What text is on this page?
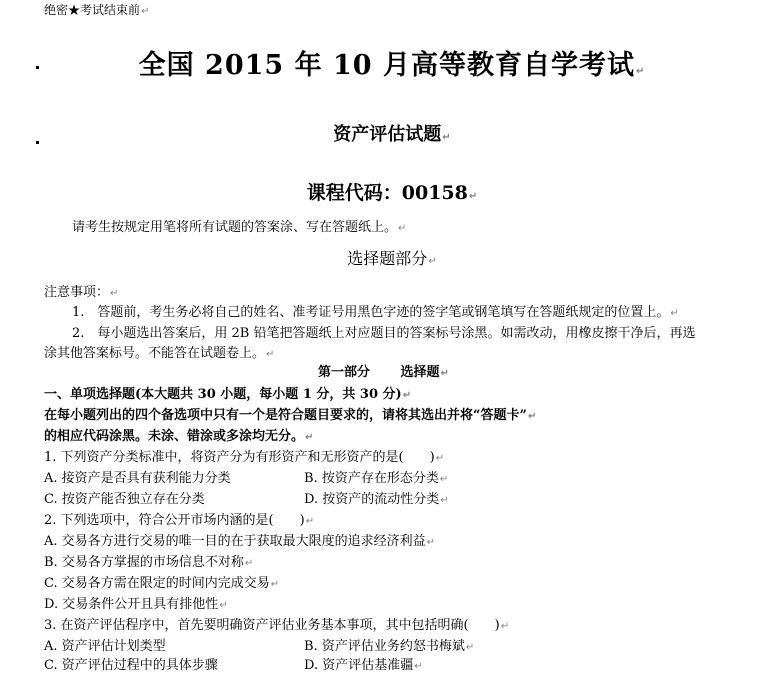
绝密★考试结束前↵
全国 2015 年 10 月高等教育自学考试↵
资产评估试题↵
课程代码：00158↵
请考生按规定用笔将所有试题的答案涂、写在答题纸上。↵
选择题部分↵
注意事项：↵
1.　答题前，考生务必将自己的姓名、准考证号用黑色字迹的签字笔或钢笔填写在答题纸规定的位置上。↵
2.　每小题选出答案后，用 2B 铅笔把答题纸上对应题目的答案标号涂黑。如需改动，用橡皮擦干净后，再选
涂其他答案标号。不能答在试题卷上。↵
第一部分 选择题↵
一、单项选择题(本大题共 30 小题，每小题 1 分，共 30 分)↵
在每小题列出的四个备选项中只有一个是符合题目要求的，请将其选出并将“答题卡”↵
的相应代码涂黑。未涂、错涂或多涂均无分。↵
1. 下列资产分类标准中，将资产分为有形资产和无形资产的是(　　)↵
A. 接资产是否具有获利能力分类	B. 按资产存在形态分类↵
C. 按资产能否独立存在分类	D. 按资产的流动性分类↵
2. 下列选项中，符合公开市场内涵的是(　　)↵
A. 交易各方进行交易的唯一目的在于获取最大限度的追求经济利益↵
B. 交易各方掌握的市场信息不对称↵
C. 交易各方需在限定的时间内完成交易↵
D. 交易条件公开且具有排他性↵
3. 在资产评估程序中，首先要明确资产评估业务基本事项，其中包括明确(　　)↵
A. 资产评估计划类型	B. 资产评估业务约怒书梅斌↵
C. 资产评估过程中的具体步骤	D. 资产评估基准疆↵
